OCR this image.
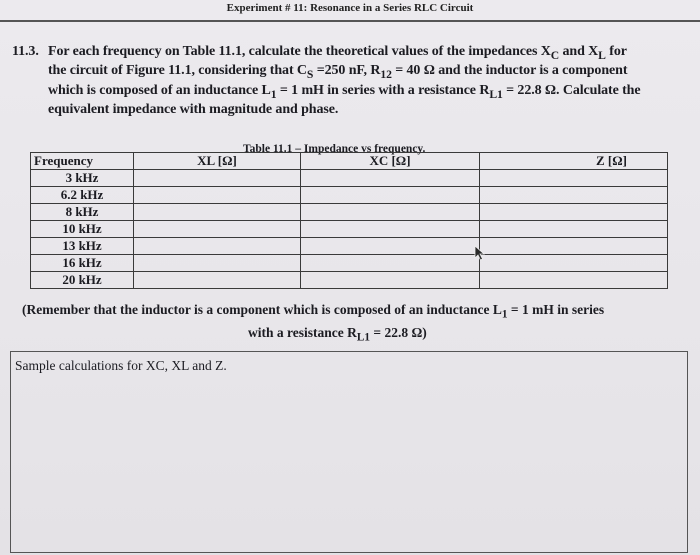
Experiment # 11: Resonance in a Series RLC Circuit
11.3. For each frequency on Table 11.1, calculate the theoretical values of the impedances $X_C$ and $X_L$ for
the circuit of Figure 11.1, considering that $C_S =250$ nF, $R_{12} = 40$ Ω and the inductor is a component
which is composed of an inductance $L_1 = 1$ mH in series with a resistance $R_{L1} = 22.8$ Ω. Calculate the
equivalent impedance with magnitude and phase.
Table 11.1 – Impedance vs frequency.
Frequency	XL [Ω]	XC [Ω]	Z [Ω]
3 kHz			
6.2 kHz			
8 kHz			
10 kHz			
13 kHz			
16 kHz			
20 kHz			
(Remember that the inductor is a component which is composed of an inductance $L_1 = 1$ mH in series
with a resistance $R_{L1} = 22.8$ Ω)
Sample calculations for XC, XL and Z.
